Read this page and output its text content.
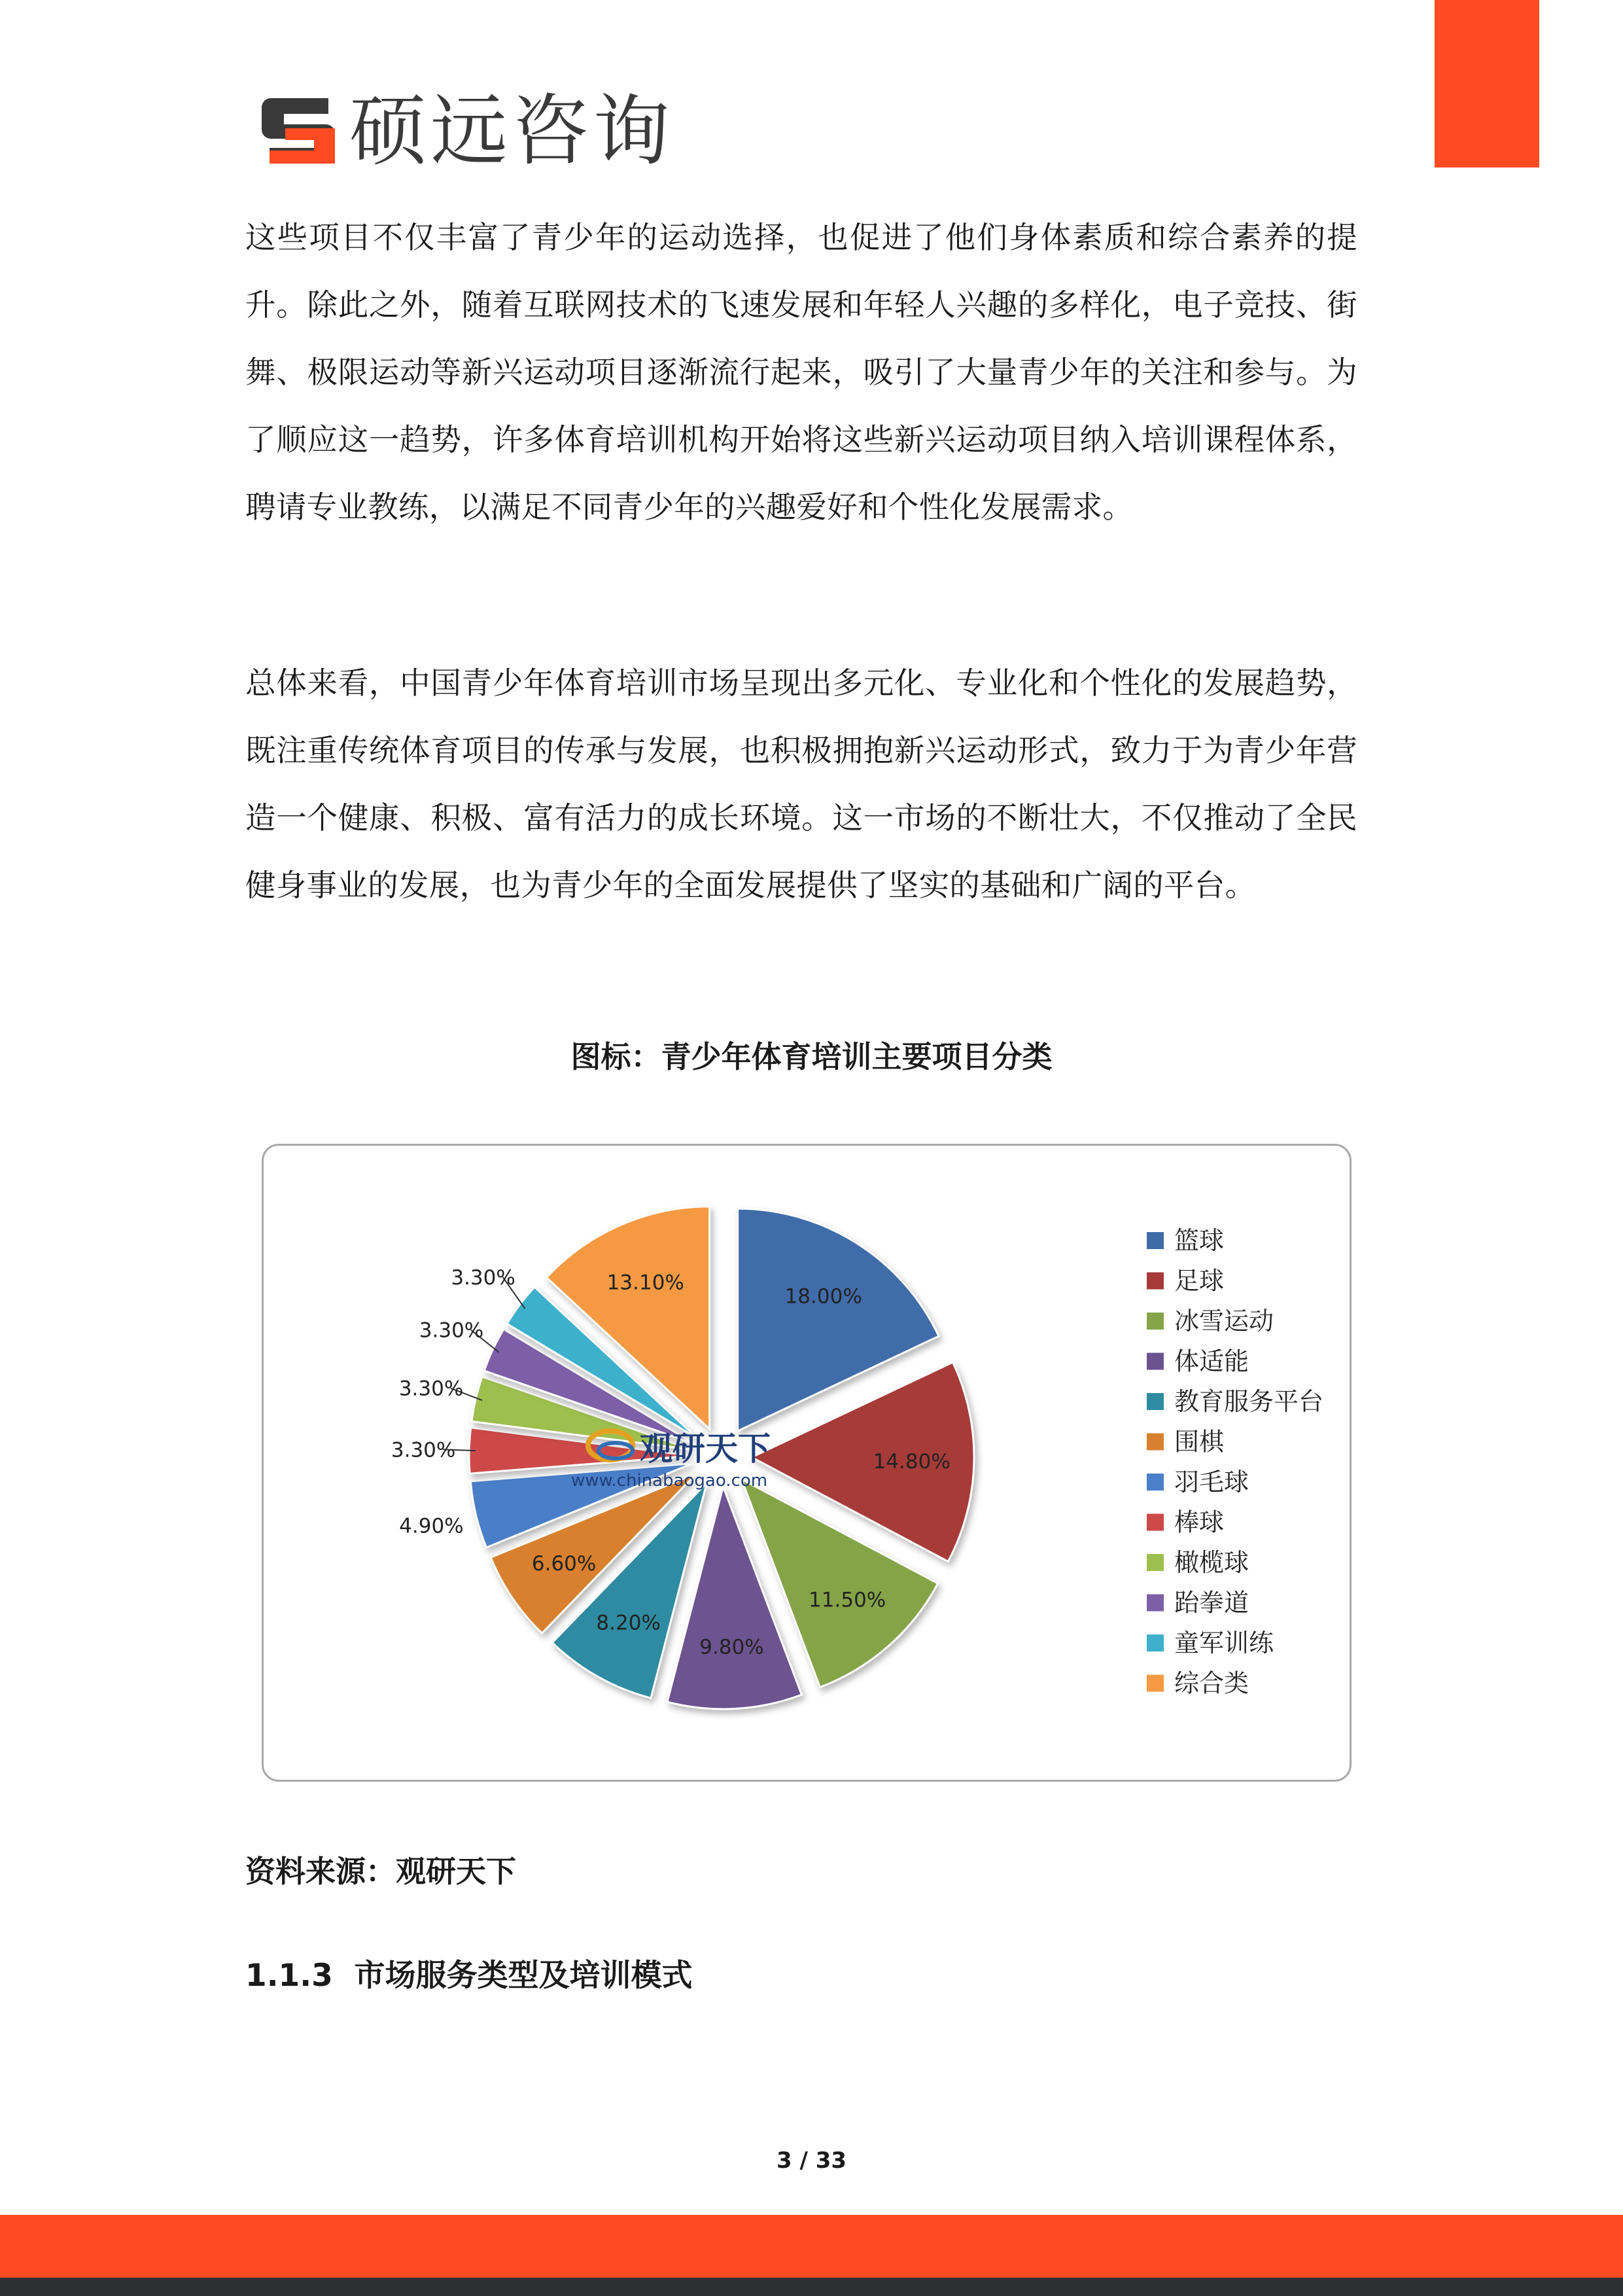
硕远咨询

这些项目不仅丰富了青少年的运动选择，也促进了他们身体素质和综合素养的提升。除此之外，随着互联网技术的飞速发展和年轻人兴趣的多样化，电子竞技、街舞、极限运动等新兴运动项目逐渐流行起来，吸引了大量青少年的关注和参与。为了顺应这一趋势，许多体育培训机构开始将这些新兴运动项目纳入培训课程体系，聘请专业教练，以满足不同青少年的兴趣爱好和个性化发展需求。

总体来看，中国青少年体育培训市场呈现出多元化、专业化和个性化的发展趋势，既注重传统体育项目的传承与发展，也积极拥抱新兴运动形式，致力于为青少年营造一个健康、积极、富有活力的成长环境。这一市场的不断壮大，不仅推动了全民健身事业的发展，也为青少年的全面发展提供了坚实的基础和广阔的平台。

图标：青少年体育培训主要项目分类
18.00%
14.80%
11.50%
9.80%
8.20%
6.60%
4.90%
3.30%
3.30%
3.30%
3.30%	13.10%
观研天下
www.chinabaogao.com
篮球
足球
冰雪运动
体适能
教育服务平台
围棋
羽毛球
棒球
橄榄球
跆拳道
童军训练
综合类
资料来源：观研天下
1.1.3  市场服务类型及培训模式
3 / 33
